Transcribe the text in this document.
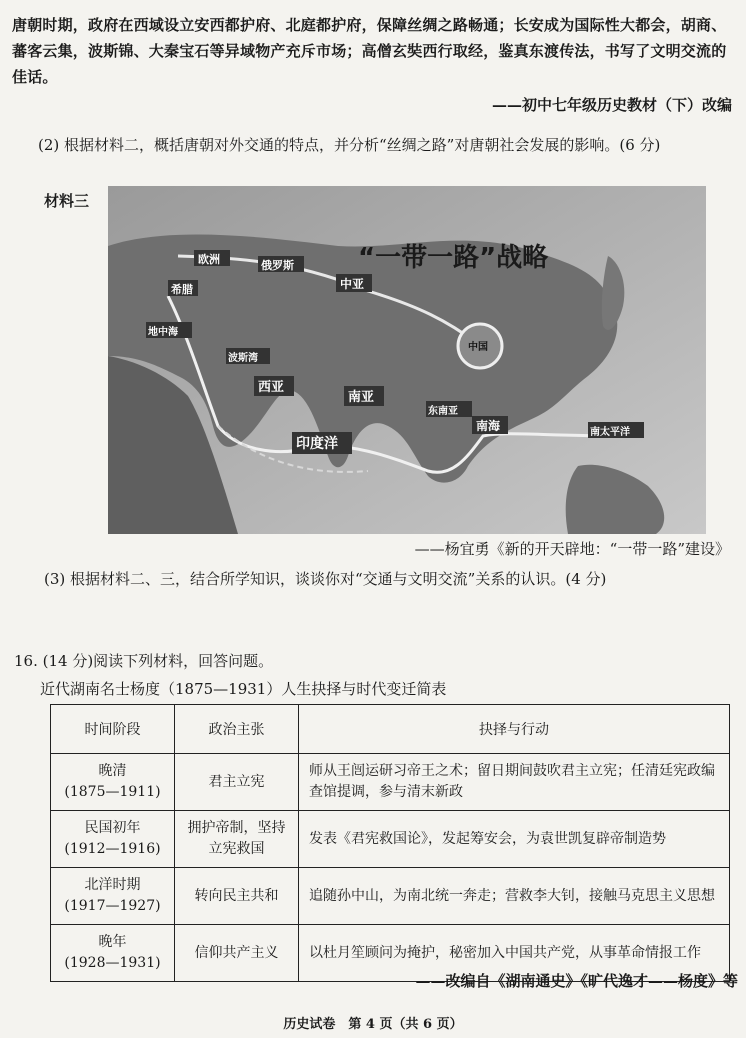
唐朝时期，政府在西域设立安西都护府、北庭都护府，保障丝绸之路畅通；长安成为国际性大都会，胡商、蕃客云集，波斯锦、大秦宝石等异域物产充斥市场；高僧玄奘西行取经，鉴真东渡传法，书写了文明交流的佳话。
——初中七年级历史教材（下）改编
(2) 根据材料二，概括唐朝对外交通的特点，并分析“丝绸之路”对唐朝社会发展的影响。(6 分)
材料三
“一带一路”战略
欧洲	俄罗斯
中亚
希腊
地中海
波斯湾
西亚
南亚
东南亚
中国
南海
印度洋
南太平洋
——杨宜勇《新的开天辟地：“一带一路”建设》
(3) 根据材料二、三，结合所学知识，谈谈你对“交通与文明交流”关系的认识。(4 分)
16. (14 分)阅读下列材料，回答问题。
近代湖南名士杨度（1875—1931）人生抉择与时代变迁简表
时间阶段	政治主张	抉择与行动

晚清
(1875—1911)	君主立宪	师从王闿运研习帝王之术；留日期间鼓吹君主立宪；任清廷宪政编查馆提调，参与清末新政

民国初年
(1912—1916)	拥护帝制，坚持立宪救国	发表《君宪救国论》，发起筹安会，为袁世凯复辟帝制造势

北洋时期
(1917—1927)	转向民主共和	追随孙中山，为南北统一奔走；营救李大钊，接触马克思主义思想

晚年
(1928—1931)	信仰共产主义	以杜月笙顾问为掩护，秘密加入中国共产党，从事革命情报工作
——改编自《湖南通史》《旷代逸才——杨度》等
历史试卷　第 4 页（共 6 页）
